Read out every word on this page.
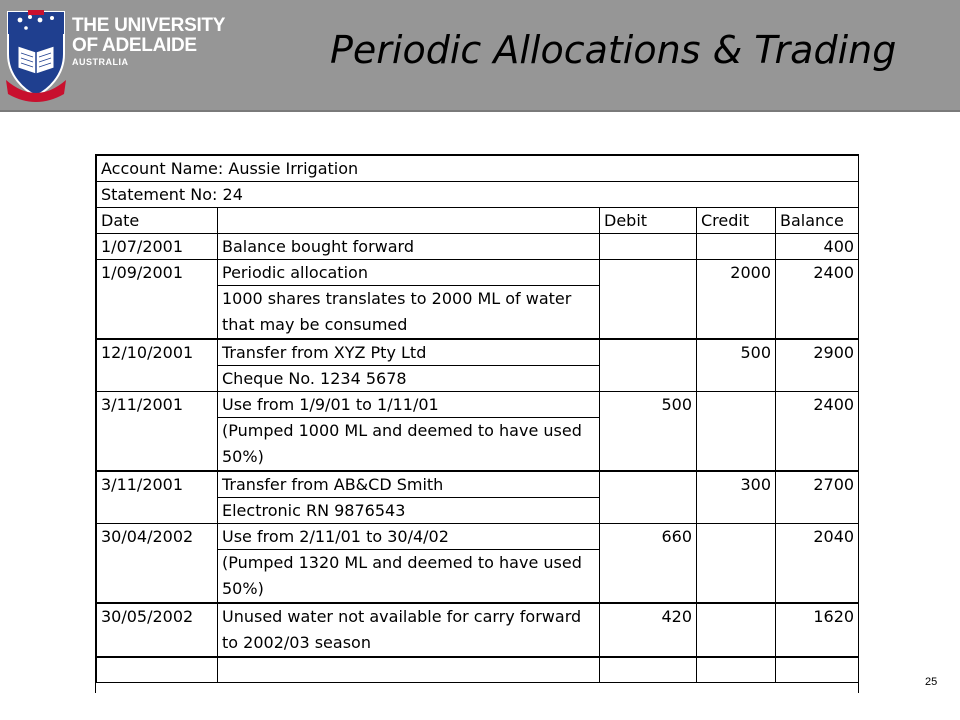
THE UNIVERSITY
OF ADELAIDE
AUSTRALIA	Periodic Allocations & Trading
Account Name: Aussie Irrigation				
Statement No: 24				
Date		Debit	Credit	Balance
1/07/2001	Balance bought forward			400
1/09/2001	Periodic allocation		2000	2400
	1000 shares translates to 2000 ML of water that may be consumed			
12/10/2001	Transfer from XYZ Pty Ltd		500	2900
	Cheque No. 1234 5678			
3/11/2001	Use from 1/9/01 to 1/11/01	500		2400
	(Pumped 1000 ML and deemed to have used 50%)			
3/11/2001	Transfer from AB&CD Smith		300	2700
	Electronic RN 9876543			
30/04/2002	Use from 2/11/01 to 30/4/02	660		2040
	(Pumped 1320 ML and deemed to have used 50%)			
30/05/2002	Unused water not available for carry forward to 2002/03 season	420		1620

25
